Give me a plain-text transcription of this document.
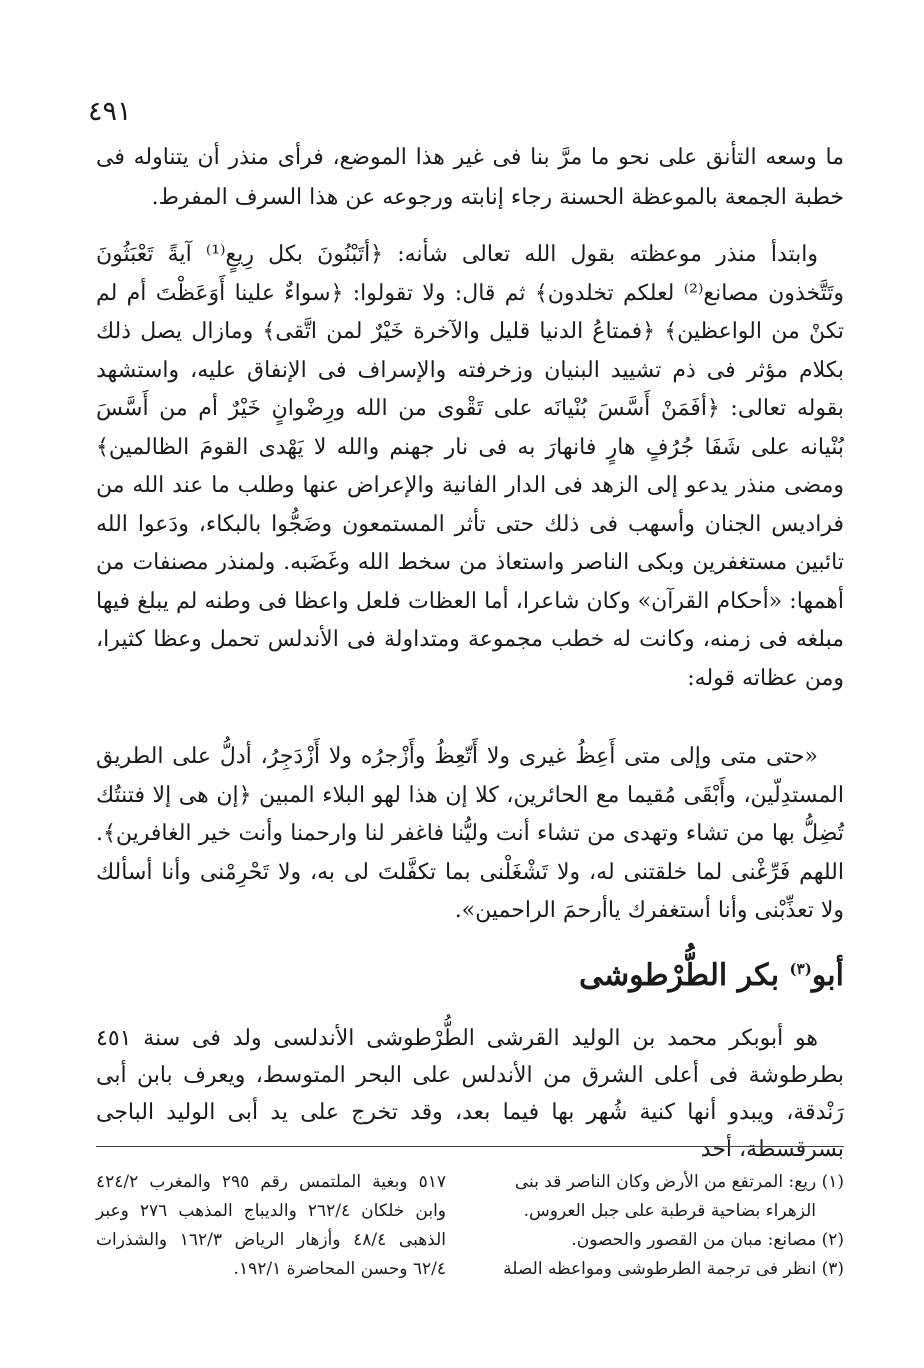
٤٩١

ما وسعه التأنق على نحو ما مرَّ بنا فى غير هذا الموضع، فرأى منذر أن يتناوله فى خطبة الجمعة بالموعظة الحسنة رجاء إنابته ورجوعه عن هذا السرف المفرط.

وابتدأ منذر موعظته بقول الله تعالى شأنه: ﴿أتَبْنُونَ بكل رِيعٍ⁽¹⁾ آيةً تَعْبَثُونَ وتَتَّخذون مصانع⁽²⁾ لعلكم تخلدون﴾ ثم قال: ولا تقولوا: ﴿سواءٌ علينا أَوَعَظْتَ أم لم تكنْ من الواعظين﴾ ﴿فمتاعُ الدنيا قليل والآخرة خَيْرٌ لمن اتَّقى﴾ ومازال يصل ذلك بكلام مؤثر فى ذم تشييد البنيان وزخرفته والإسراف فى الإنفاق عليه، واستشهد بقوله تعالى: ﴿أفَمَنْ أَسَّسَ بُنْيانَه على تَقْوى من الله ورِضْوانٍ خَيْرٌ أم من أَسَّسَ بُنْيانه على شَفَا جُرُفٍ هارٍ فانهارَ به فى نار جهنم والله لا يَهْدى القومَ الظالمين﴾ ومضى منذر يدعو إلى الزهد فى الدار الفانية والإعراض عنها وطلب ما عند الله من فراديس الجنان وأسهب فى ذلك حتى تأثر المستمعون وضَجُّوا بالبكاء، ودَعوا الله تائبين مستغفرين وبكى الناصر واستعاذ من سخط الله وغَضَبه. ولمنذر مصنفات من أهمها: «أحكام القرآن» وكان شاعرا، أما العظات فلعل واعظا فى وطنه لم يبلغ فيها مبلغه فى زمنه، وكانت له خطب مجموعة ومتداولة فى الأندلس تحمل وعظا كثيرا، ومن عظاته قوله:

«حتى متى وإلى متى أَعِظُ غيرى ولا أَتّعِظُ وأَزْجرُه ولا أَزْدَجِرُ، أدلُّ على الطريق المستدِلّين، وأَبْقَى مُقيما مع الحائرين، كلا إن هذا لهو البلاء المبين ﴿إن هى إلا فتنتُك تُضِلُّ بها من تشاء وتهدى من تشاء أنت وليُّنا فاغفر لنا وارحمنا وأنت خير الغافرين﴾. اللهم فَرِّغْنى لما خلقتنى له، ولا تَشْغَلْنى بما تكفَّلتَ لى به، ولا تَحْرِمْنى وأنا أسألك ولا تعذِّبْنى وأنا أستغفرك ياأرحمَ الراحمين».

أبو$^{(٣)}$ بكر الطُّرْطوشى

هو أبوبكر محمد بن الوليد القرشى الطُّرْطوشى الأندلسى ولد فى سنة ٤٥١ بطرطوشة فى أعلى الشرق من الأندلس على البحر المتوسط، ويعرف بابن أبى رَنْدقة، ويبدو أنها كنية شُهر بها فيما بعد، وقد تخرج على يد أبى الوليد الباجى بسرقسطة، أحد

(١) ريع: المرتفع من الأرض وكان الناصر قد بنى

الزهراء بضاحية قرطبة على جبل العروس.

(٢) مصانع: مبان من القصور والحصون.

(٣) انظر فى ترجمة الطرطوشى ومواعظه الصلة

٥١٧ وبغية الملتمس رقم ٢٩٥ والمغرب ٤٢٤/٢ وابن خلكان ٢٦٢/٤ والديباج المذهب ٢٧٦ وعبر الذهبى ٤٨/٤ وأزهار الرياض ١٦٢/٣ والشذرات ٦٢/٤ وحسن المحاضرة ١٩٢/١.
